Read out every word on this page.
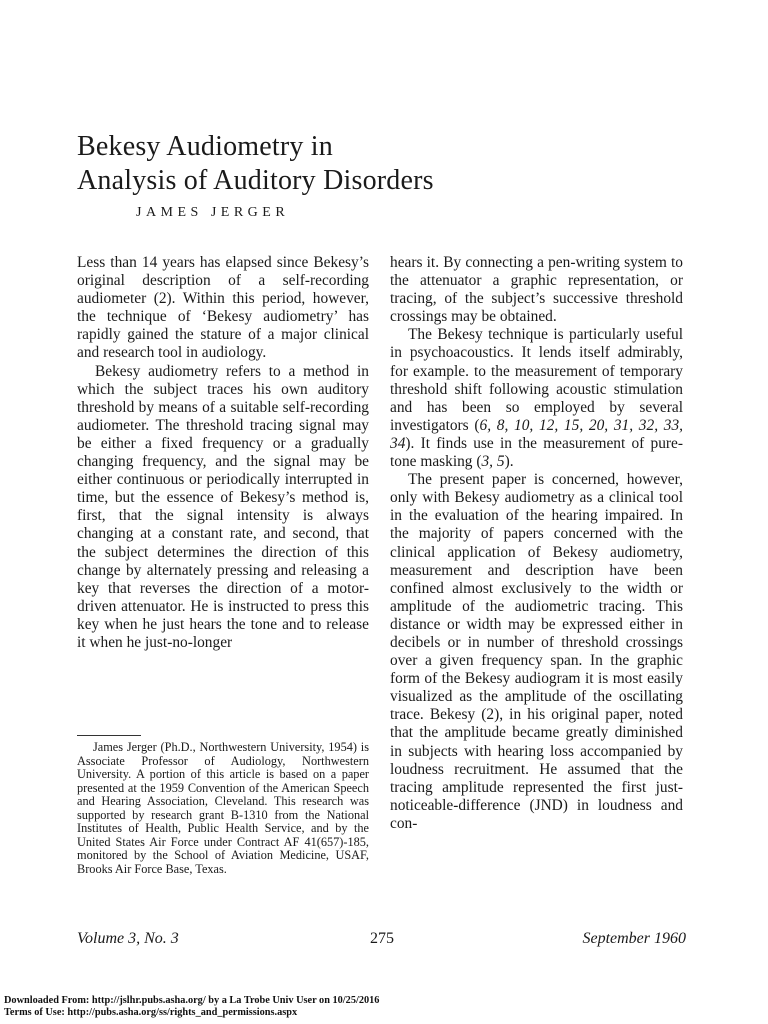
Bekesy Audiometry in
Analysis of Auditory Disorders
JAMES JERGER

Less than 14 years has elapsed since Bekesy’s original description of a self-recording audiometer (2). Within this period, however, the technique of ‘Bekesy audiometry’ has rapidly gained the stature of a major clinical and research tool in audiology.

Bekesy audiometry refers to a method in which the subject traces his own auditory threshold by means of a suitable self-recording audiometer. The threshold tracing signal may be either a fixed frequency or a gradually changing frequency, and the signal may be either continuous or periodically interrupted in time, but the essence of Bekesy’s method is, first, that the signal intensity is always changing at a constant rate, and second, that the subject determines the direction of this change by alternately pressing and releasing a key that reverses the direction of a motor-driven attenuator. He is instructed to press this key when he just hears the tone and to release it when he just-no-longer

hears it. By connecting a pen-writing system to the attenuator a graphic representation, or tracing, of the subject’s successive threshold crossings may be obtained.

The Bekesy technique is particularly useful in psychoacoustics. It lends itself admirably, for example. to the measurement of temporary threshold shift following acoustic stimulation and has been so employed by several investigators (6, 8, 10, 12, 15, 20, 31, 32, 33, 34). It finds use in the measurement of pure-tone masking (3, 5).

The present paper is concerned, however, only with Bekesy audiometry as a clinical tool in the evaluation of the hearing impaired. In the majority of papers concerned with the clinical application of Bekesy audiometry, measurement and description have been confined almost exclusively to the width or amplitude of the audiometric tracing. This distance or width may be expressed either in decibels or in number of threshold crossings over a given frequency span. In the graphic form of the Bekesy audiogram it is most easily visualized as the amplitude of the oscillating trace. Bekesy (2), in his original paper, noted that the amplitude became greatly diminished in subjects with hearing loss accompanied by loudness recruitment. He assumed that the tracing amplitude represented the first just-noticeable-difference (JND) in loudness and con-

James Jerger (Ph.D., Northwestern University, 1954) is Associate Professor of Audiology, Northwestern University. A portion of this article is based on a paper presented at the 1959 Convention of the American Speech and Hearing Association, Cleveland. This research was supported by research grant B-1310 from the National Institutes of Health, Public Health Service, and by the United States Air Force under Contract AF 41(657)-185, monitored by the School of Aviation Medicine, USAF, Brooks Air Force Base, Texas.
Volume 3, No. 3	275	September 1960
Downloaded From: http://jslhr.pubs.asha.org/ by a La Trobe Univ User on 10/25/2016
Terms of Use: http://pubs.asha.org/ss/rights_and_permissions.aspx
